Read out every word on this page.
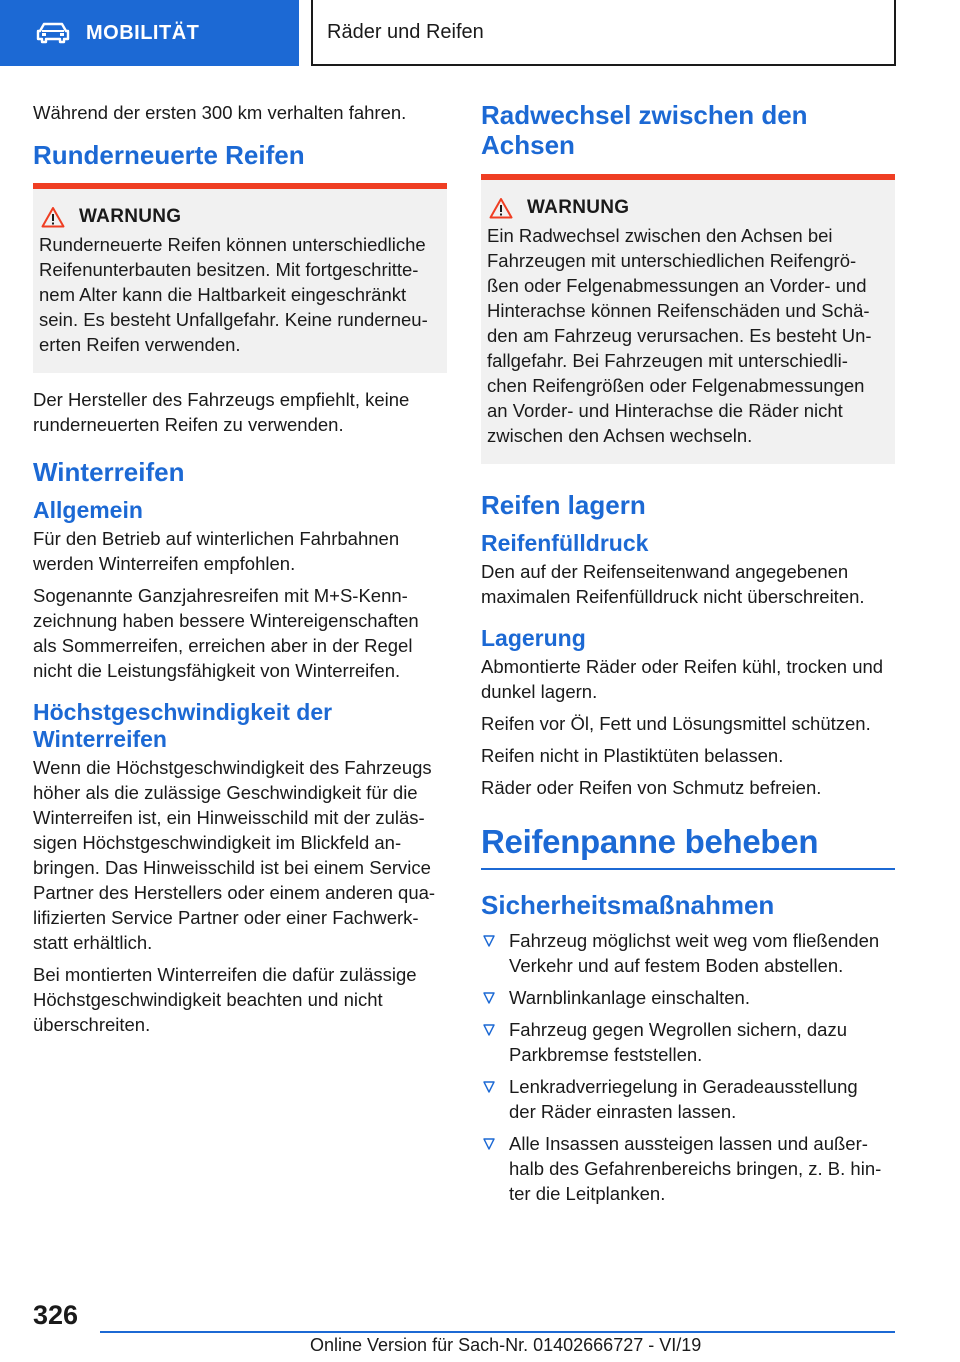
MOBILITÄT	Räder und Reifen
Während der ersten 300 km verhalten fahren.
Runderneuerte Reifen
WARNUNG
Runderneuerte Reifen können unterschiedliche
Reifenunterbauten besitzen. Mit fortgeschritte-
nem Alter kann die Haltbarkeit eingeschränkt
sein. Es besteht Unfallgefahr. Keine runderneu-
erten Reifen verwenden.
Der Hersteller des Fahrzeugs empfiehlt, keine
runderneuerten Reifen zu verwenden.
Winterreifen
Allgemein
Für den Betrieb auf winterlichen Fahrbahnen
werden Winterreifen empfohlen.
Sogenannte Ganzjahresreifen mit M+S-Kenn-
zeichnung haben bessere Wintereigenschaften
als Sommerreifen, erreichen aber in der Regel
nicht die Leistungsfähigkeit von Winterreifen.
Höchstgeschwindigkeit der
Winterreifen
Wenn die Höchstgeschwindigkeit des Fahrzeugs
höher als die zulässige Geschwindigkeit für die
Winterreifen ist, ein Hinweisschild mit der zuläs-
sigen Höchstgeschwindigkeit im Blickfeld an-
bringen. Das Hinweisschild ist bei einem Service
Partner des Herstellers oder einem anderen qua-
lifizierten Service Partner oder einer Fachwerk-
statt erhältlich.
Bei montierten Winterreifen die dafür zulässige
Höchstgeschwindigkeit beachten und nicht
überschreiten.
Radwechsel zwischen den
Achsen
WARNUNG
Ein Radwechsel zwischen den Achsen bei
Fahrzeugen mit unterschiedlichen Reifengrö-
ßen oder Felgenabmessungen an Vorder- und
Hinterachse können Reifenschäden und Schä-
den am Fahrzeug verursachen. Es besteht Un-
fallgefahr. Bei Fahrzeugen mit unterschiedli-
chen Reifengrößen oder Felgenabmessungen
an Vorder- und Hinterachse die Räder nicht
zwischen den Achsen wechseln.
Reifen lagern
Reifenfülldruck
Den auf der Reifenseitenwand angegebenen
maximalen Reifenfülldruck nicht überschreiten.
Lagerung
Abmontierte Räder oder Reifen kühl, trocken und
dunkel lagern.
Reifen vor Öl, Fett und Lösungsmittel schützen.
Reifen nicht in Plastiktüten belassen.
Räder oder Reifen von Schmutz befreien.
Reifenpanne beheben
Sicherheitsmaßnahmen
Fahrzeug möglichst weit weg vom fließenden
Verkehr und auf festem Boden abstellen.
Warnblinkanlage einschalten.
Fahrzeug gegen Wegrollen sichern, dazu
Parkbremse feststellen.
Lenkradverriegelung in Geradeausstellung
der Räder einrasten lassen.
Alle Insassen aussteigen lassen und außer-
halb des Gefahrenbereichs bringen, z. B. hin-
ter die Leitplanken.
326
Online Version für Sach-Nr. 01402666727 - VI/19
